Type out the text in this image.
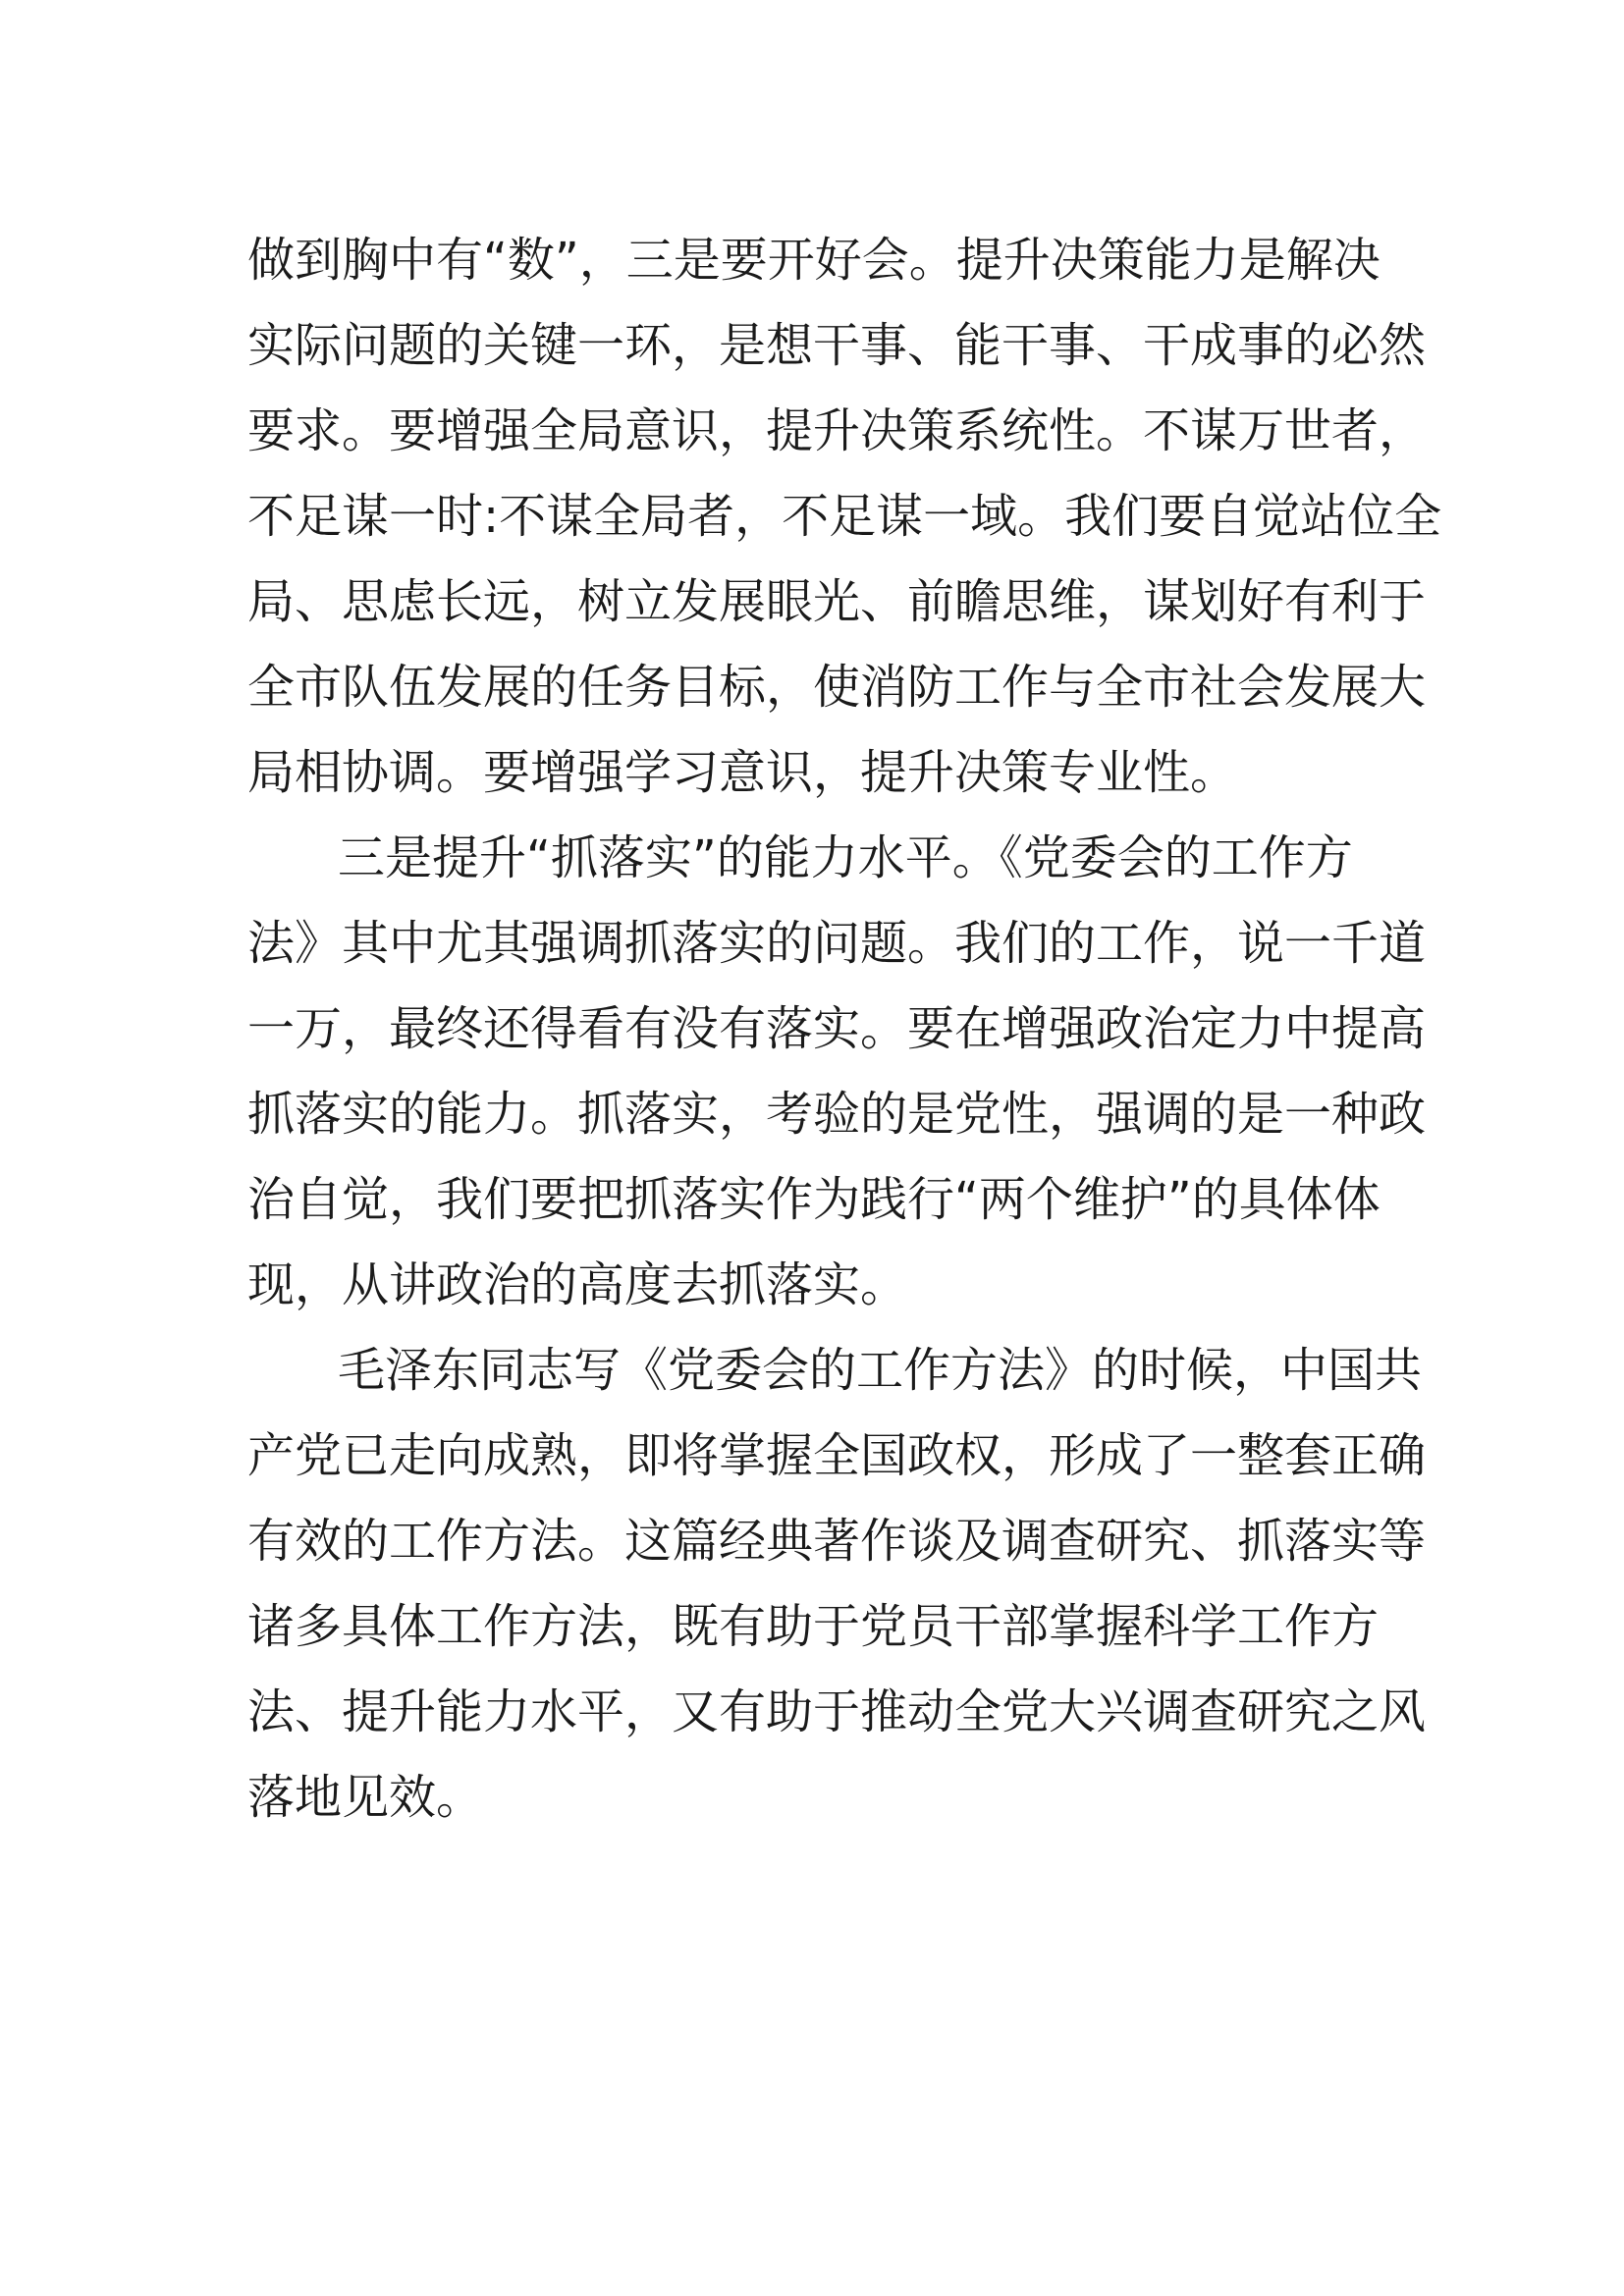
做到胸中有“数”，三是要开好会。提升决策能力是解决
实际问题的关键一环，是想干事、能干事、干成事的必然
要求。要增强全局意识，提升决策系统性。不谋万世者，
不足谋一时:不谋全局者，不足谋一域。我们要自觉站位全
局、思虑长远，树立发展眼光、前瞻思维，谋划好有利于
全市队伍发展的任务目标，使消防工作与全市社会发展大
局相协调。要增强学习意识，提升决策专业性。
三是提升“抓落实”的能力水平。《党委会的工作方
法》其中尤其强调抓落实的问题。我们的工作，说一千道
一万，最终还得看有没有落实。要在增强政治定力中提高
抓落实的能力。抓落实，考验的是党性，强调的是一种政
治自觉，我们要把抓落实作为践行“两个维护”的具体体
现，从讲政治的高度去抓落实。
毛泽东同志写《党委会的工作方法》的时候，中国共
产党已走向成熟，即将掌握全国政权，形成了一整套正确
有效的工作方法。这篇经典著作谈及调查研究、抓落实等
诸多具体工作方法，既有助于党员干部掌握科学工作方
法、提升能力水平，又有助于推动全党大兴调查研究之风
落地见效。
